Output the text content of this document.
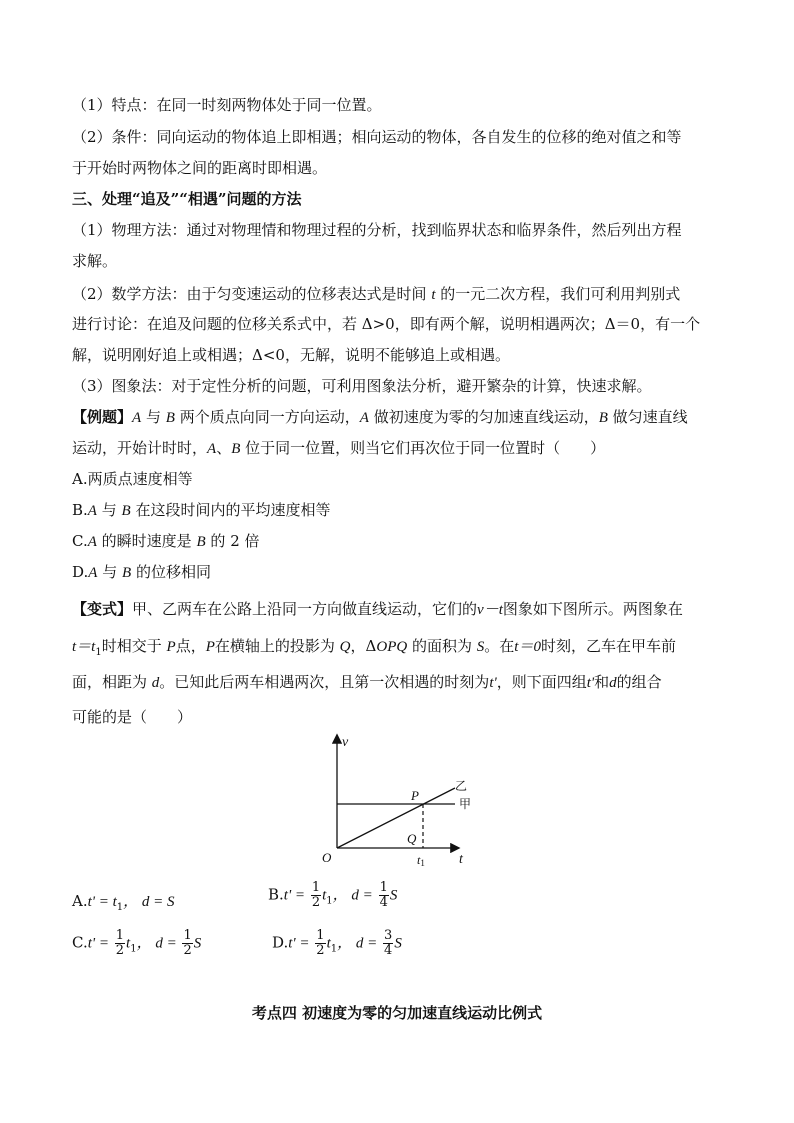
（1）特点：在同一时刻两物体处于同一位置。
（2）条件：同向运动的物体追上即相遇；相向运动的物体，各自发生的位移的绝对值之和等
于开始时两物体之间的距离时即相遇。
三、处理“追及”“相遇”问题的方法
（1）物理方法：通过对物理情和物理过程的分析，找到临界状态和临界条件，然后列出方程
求解。
（2）数学方法：由于匀变速运动的位移表达式是时间 t 的一元二次方程，我们可利用判别式
进行讨论：在追及问题的位移关系式中，若 Δ>0，即有两个解，说明相遇两次；Δ＝0，有一个
解，说明刚好追上或相遇；Δ<0，无解，说明不能够追上或相遇。
（3）图象法：对于定性分析的问题，可利用图象法分析，避开繁杂的计算，快速求解。
【例题】A 与 B 两个质点向同一方向运动，A 做初速度为零的匀加速直线运动，B 做匀速直线
运动，开始计时时，A、B 位于同一位置，则当它们再次位于同一位置时（　　）
A.两质点速度相等
B.A 与 B 在这段时间内的平均速度相等
C.A 的瞬时速度是 B 的 2 倍
D.A 与 B 的位移相同
【变式】甲、乙两车在公路上沿同一方向做直线运动，它们的v－t图象如下图所示。两图象在
$t=t_1$时相交于 P点，P在横轴上的投影为 Q，ΔOPQ 的面积为 S。在t＝0时刻，乙车在甲车前
面，相距为 d。已知此后两车相遇两次，且第一次相遇的时刻为t'，则下面四组t'和d的组合
可能的是（　　）
v
O
P
Q
t1 t
乙
甲
$A.t' = t_1$， d = S	$B.t' = \frac{1}{2} t_1$， $d = \frac{1}{4}$ S
$C.t' = \frac{1}{2} t_1$， $d = \frac{1}{2}$ S	$D.t' = \frac{1}{2} t_1$， $d = \frac{3}{4}$ S
考点四 初速度为零的匀加速直线运动比例式
